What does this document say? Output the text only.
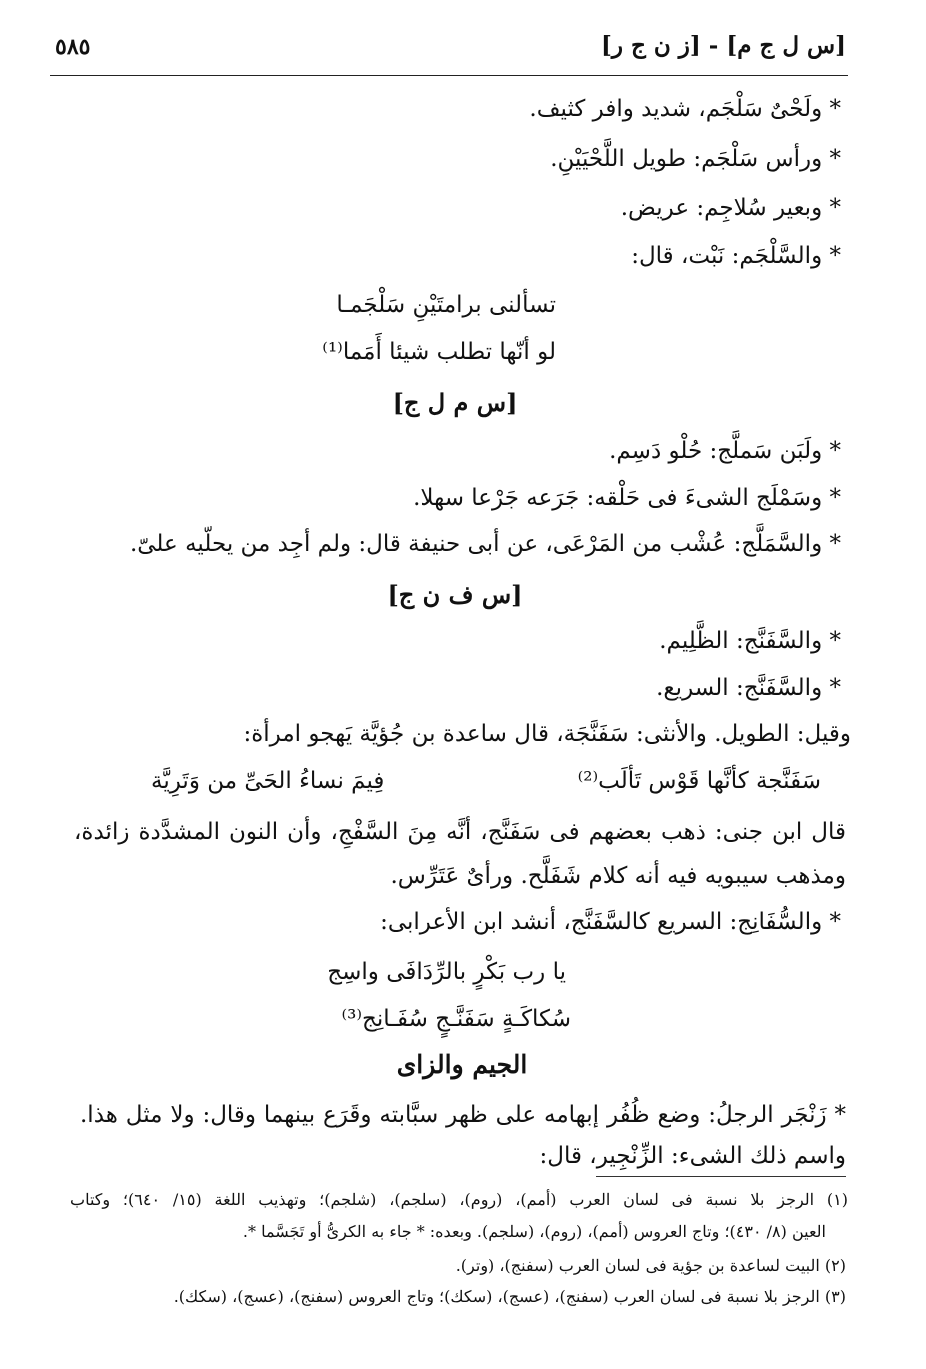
[س ل ج م] - [ز ن ج ر]
٥٨٥
* ولَحْىٌ سَلْجَم، شديد وافر كثيف.
* ورأس سَلْجَم: طويل اللَّحْيَيْنِ.
* وبعير سُلاجِم: عريض.
* والسَّلْجَم: نَبْت، قال:
تسألنى برامتَيْنِ سَلْجَمـا
لو أنّها تطلب شيئا أَمَما⁽¹⁾
[س م ل ج]
* ولَبَن سَملَّج: حُلْو دَسِم.
* وسَمْلَج الشىءَ فى حَلْقه: جَرَعه جَرْعا سهلا.
* والسَّمَلَّج: عُشْب من المَرْعَى، عن أبى حنيفة قال: ولم أجِد من يحلّيه علىّ.
[س ف ن ج]
* والسَّفَنَّج: الظَّلِيم.
* والسَّفَنَّج: السريع.
وقيل: الطويل. والأنثى: سَفَنَّجَة، قال ساعدة بن جُؤيَّة يَهجو امرأة:
سَفَنَّجة كأنَّها قَوْس تَألَب⁽²⁾
فِيمَ نساءُ الحَىِّ من وَتَرِيَّة
قال ابن جنى: ذهب بعضهم فى سَفَنَّج، أنَّه مِنَ السَّفْجِ، وأن النون المشدَّدة زائدة،
ومذهب سيبويه فيه أنه كلام شَفَلَّح. ورأىٌ عَتَرِّس.
* والسُّفَانِج: السريع كالسَّفَنَّج، أنشد ابن الأعرابى:
يا رب بَكْرٍ بالرِّدَافَى واسِج
سُكاكَـةٍ سَفَنَّـجٍ سُفَـانِج⁽³⁾
الجيم والزاى
* زَنْجَر الرجلُ: وضع ظُفُر إبهامه على ظهر سبَّابته وقَرَع بينهما وقال: ولا مثل هذا.
واسم ذلك الشىء: الزِّنْجِير، قال:
(١) الرجز بلا نسبة فى لسان العرب (أمم)، (روم)، (سلجم)، (شلجم)؛ وتهذيب اللغة (١٥/ ٦٤٠)؛ وكتاب
العين (٨/ ٤٣٠)؛ وتاج العروس (أمم)، (روم)، (سلجم). وبعده: * جاء به الكرىُّ أو تَجَسَّما *.
(٢) البيت لساعدة بن جؤية فى لسان العرب (سفنج)، (وتر).
(٣) الرجز بلا نسبة فى لسان العرب (سفنج)، (عسج)، (سكك)؛ وتاج العروس (سفنج)، (عسج)، (سكك).
